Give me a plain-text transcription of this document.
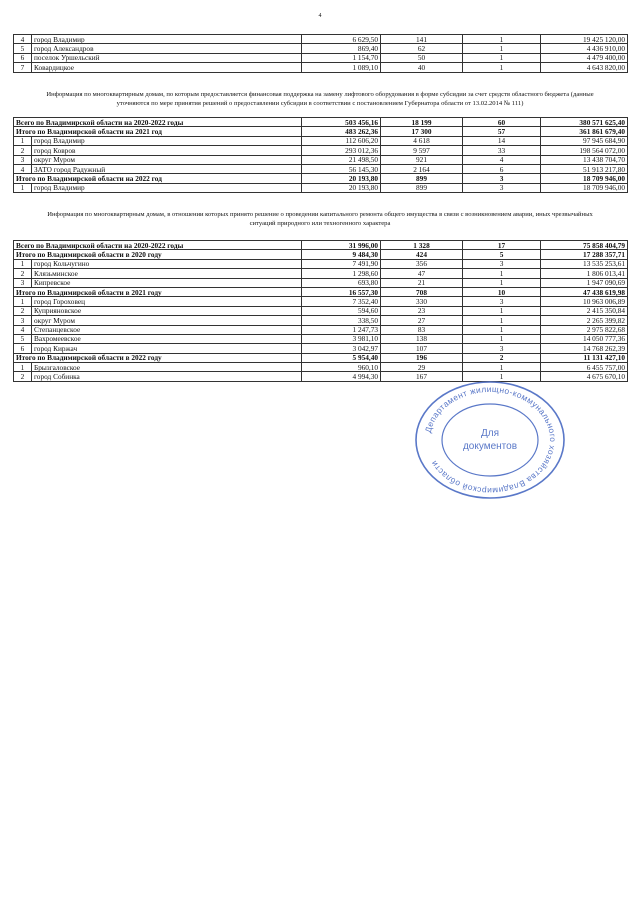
4
4	город Владимир	6 629,50	141	1	19 425 120,00
5	город Александров	869,40	62	1	4 436 910,00
6	поселок Уршельский	1 154,70	50	1	4 479 400,00
7	Ковардицкое	1 089,10	40	1	4 643 820,00
Информация по многоквартирным домам, по которым предоставляется финансовая поддержка на замену лифтового оборудования в форме субсидии за счет средств областного бюджета (данные уточняются по мере принятия решений о предоставлении субсидии в соответствии с постановлением Губернатора области от 13.02.2014 № 111)
Всего по Владимирской области на 2020-2022 годы		503 456,16	18 199	60	380 571 625,40
Итого по Владимирской области на 2021 год		483 262,36	17 300	57	361 861 679,40
1	город Владимир	112 606,20	4 618	14	97 945 684,90
2	город Ковров	293 012,36	9 597	33	198 564 072,00
3	округ Муром	21 498,50	921	4	13 438 704,70
4	ЗАТО город Радужный	56 145,30	2 164	6	51 913 217,80
Итого по Владимирской области на 2022 год		20 193,80	899	3	18 709 946,00
1	город Владимир	20 193,80	899	3	18 709 946,00
Информация по многоквартирным домам, в отношении которых принято решение о проведении капитального ремонта общего имущества в связи с возникновением аварии, иных чрезвычайных ситуаций природного или техногенного характера
Всего по Владимирской области на 2020-2022 годы		31 996,00	1 328	17	75 858 404,79
Итого по Владимирской области в 2020 году		9 484,30	424	5	17 288 357,71
1	город Кольчугино	7 491,90	356	3	13 535 253,61
2	Клязьминское	1 298,60	47	1	1 806 013,41
3	Кипревское	693,80	21	1	1 947 090,69
Итого по Владимирской области в 2021 году		16 557,30	708	10	47 438 619,98
1	город Гороховец	7 352,40	330	3	10 963 006,89
2	Куприяновское	594,60	23	1	2 415 350,84
3	округ Муром	338,50	27	1	2 265 399,82
4	Степанцевское	1 247,73	83	1	2 975 822,68
5	Вахромеевское	3 981,10	138	1	14 050 777,36
6	город Киржач	3 042,97	107	3	14 768 262,39
Итого по Владимирской области в 2022 году		5 954,40	196	2	11 131 427,10
1	Брызгаловское	960,10	29	1	6 455 757,00
2	город Собинка	4 994,30	167	1	4 675 670,10
Департамент жилищно-коммунального хозяйства Владимирской области
Для
документов
